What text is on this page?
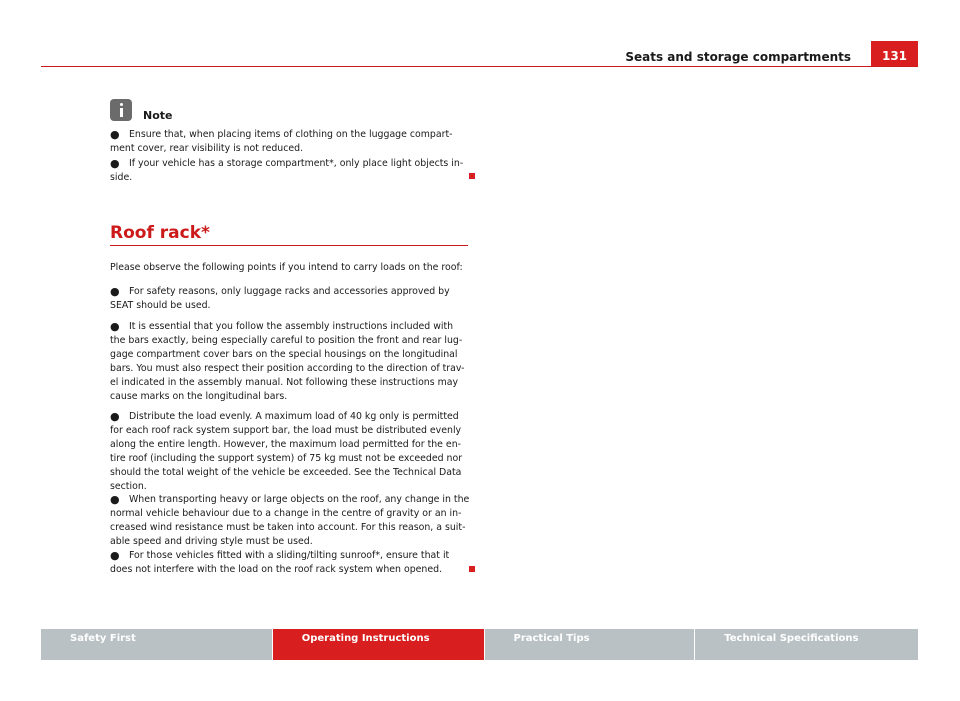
Seats and storage compartments	131
Note
● Ensure that, when placing items of clothing on the luggage compart-
ment cover, rear visibility is not reduced.
● If your vehicle has a storage compartment*, only place light objects in-
side.
Roof rack*
Please observe the following points if you intend to carry loads on the roof:
● For safety reasons, only luggage racks and accessories approved by
SEAT should be used.
● It is essential that you follow the assembly instructions included with
the bars exactly, being especially careful to position the front and rear lug-
gage compartment cover bars on the special housings on the longitudinal
bars. You must also respect their position according to the direction of trav-
el indicated in the assembly manual. Not following these instructions may
cause marks on the longitudinal bars.
● Distribute the load evenly. A maximum load of 40 kg only is permitted
for each roof rack system support bar, the load must be distributed evenly
along the entire length. However, the maximum load permitted for the en-
tire roof (including the support system) of 75 kg must not be exceeded nor
should the total weight of the vehicle be exceeded. See the Technical Data
section.
● When transporting heavy or large objects on the roof, any change in the
normal vehicle behaviour due to a change in the centre of gravity or an in-
creased wind resistance must be taken into account. For this reason, a suit-
able speed and driving style must be used.
● For those vehicles fitted with a sliding/tilting sunroof*, ensure that it
does not interfere with the load on the roof rack system when opened.
Safety First	Operating Instructions	Practical Tips	Technical Specifications
